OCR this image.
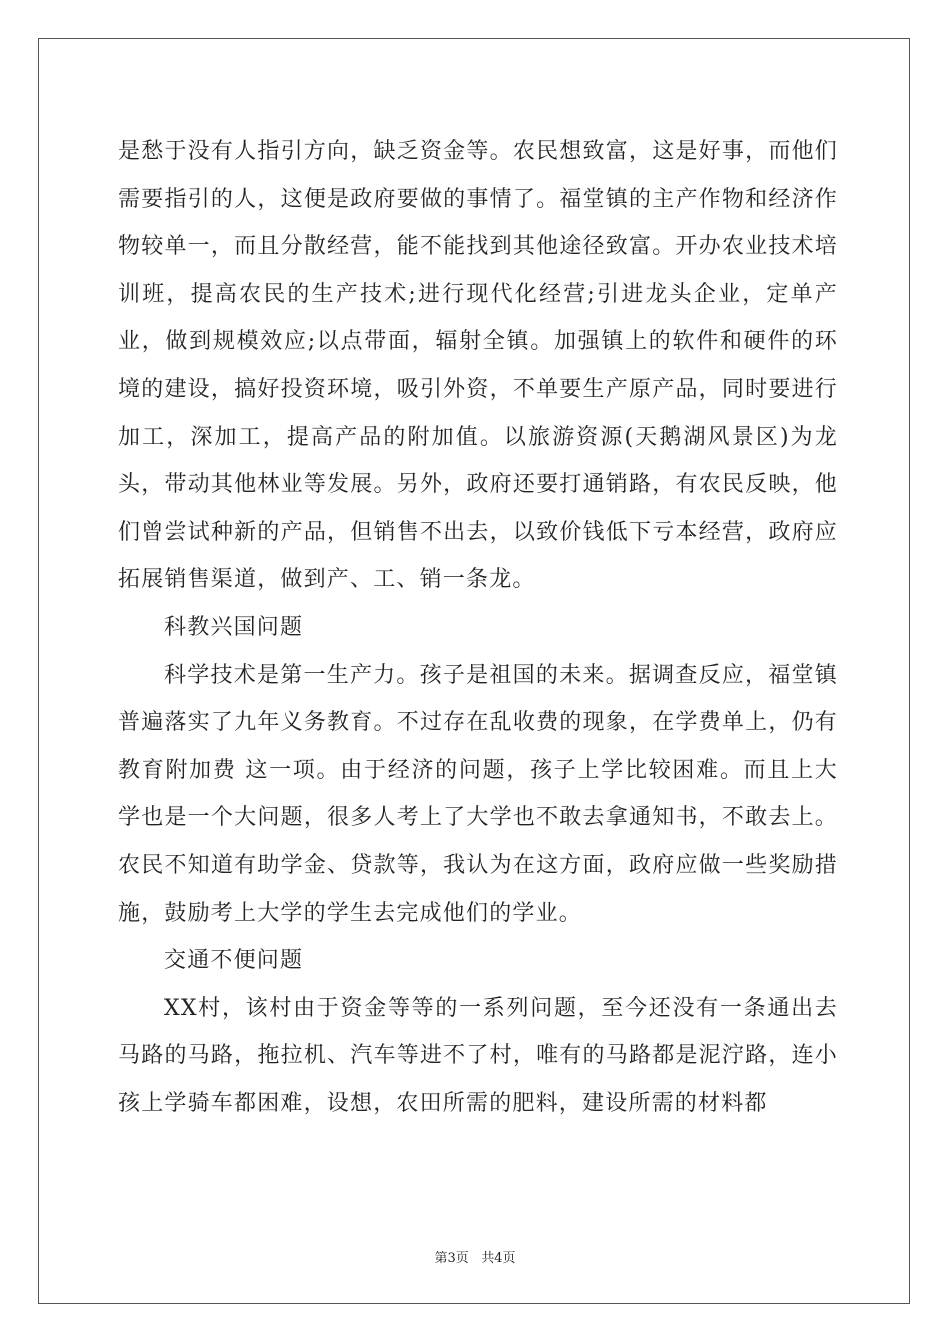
是愁于没有人指引方向，缺乏资金等。农民想致富，这是好事，而他们需要指引的人，这便是政府要做的事情了。福堂镇的主产作物和经济作物较单一，而且分散经营，能不能找到其他途径致富。开办农业技术培训班，提高农民的生产技术;进行现代化经营;引进龙头企业，定单产业，做到规模效应;以点带面，辐射全镇。加强镇上的软件和硬件的环境的建设，搞好投资环境，吸引外资，不单要生产原产品，同时要进行加工，深加工，提高产品的附加值。以旅游资源(天鹅湖风景区)为龙头，带动其他林业等发展。另外，政府还要打通销路，有农民反映，他们曾尝试种新的产品，但销售不出去，以致价钱低下亏本经营，政府应拓展销售渠道，做到产、工、销一条龙。

科教兴国问题

科学技术是第一生产力。孩子是祖国的未来。据调查反应，福堂镇普遍落实了九年义务教育。不过存在乱收费的现象，在学费单上，仍有 教育附加费 这一项。由于经济的问题，孩子上学比较困难。而且上大学也是一个大问题，很多人考上了大学也不敢去拿通知书，不敢去上。农民不知道有助学金、贷款等，我认为在这方面，政府应做一些奖励措施，鼓励考上大学的学生去完成他们的学业。

交通不便问题

XX村，该村由于资金等等的一系列问题，至今还没有一条通出去马路的马路，拖拉机、汽车等进不了村，唯有的马路都是泥泞路，连小孩上学骑车都困难，设想，农田所需的肥料，建设所需的材料都

第3页 共4页
